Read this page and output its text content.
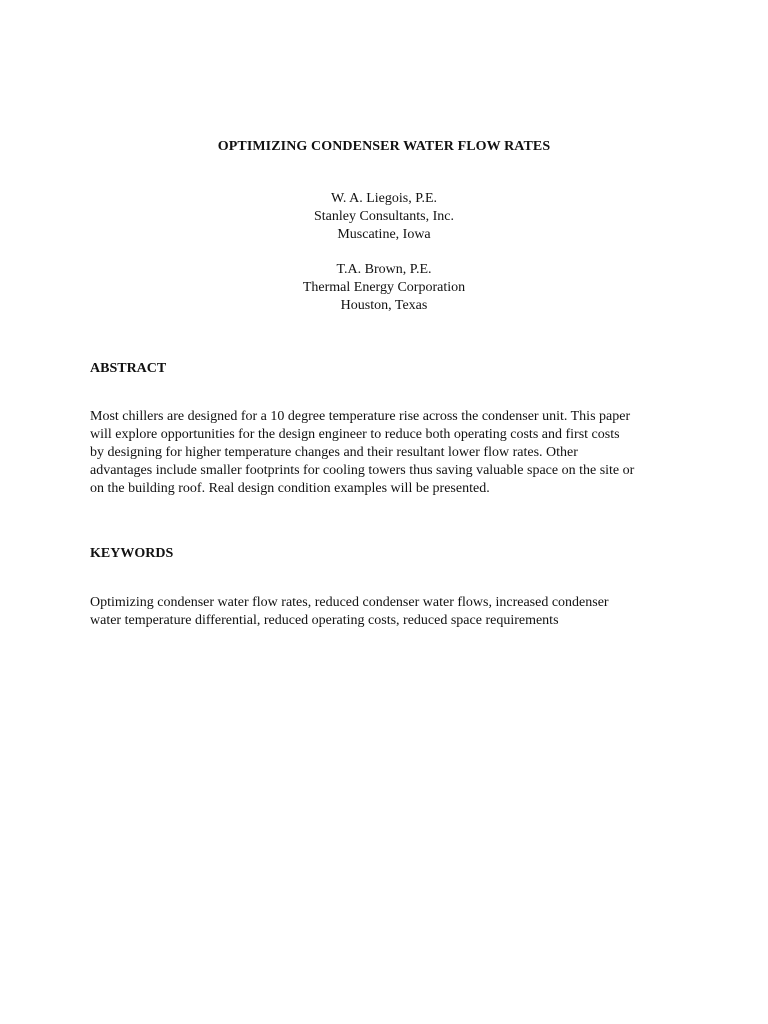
OPTIMIZING CONDENSER WATER FLOW RATES
W. A. Liegois, P.E.
Stanley Consultants, Inc.
Muscatine, Iowa
T.A. Brown, P.E.
Thermal Energy Corporation
Houston, Texas
ABSTRACT
Most chillers are designed for a 10 degree temperature rise across the condenser unit. This paper
will explore opportunities for the design engineer to reduce both operating costs and first costs
by designing for higher temperature changes and their resultant lower flow rates. Other
advantages include smaller footprints for cooling towers thus saving valuable space on the site or
on the building roof. Real design condition examples will be presented.
KEYWORDS
Optimizing condenser water flow rates, reduced condenser water flows, increased condenser
water temperature differential, reduced operating costs, reduced space requirements
